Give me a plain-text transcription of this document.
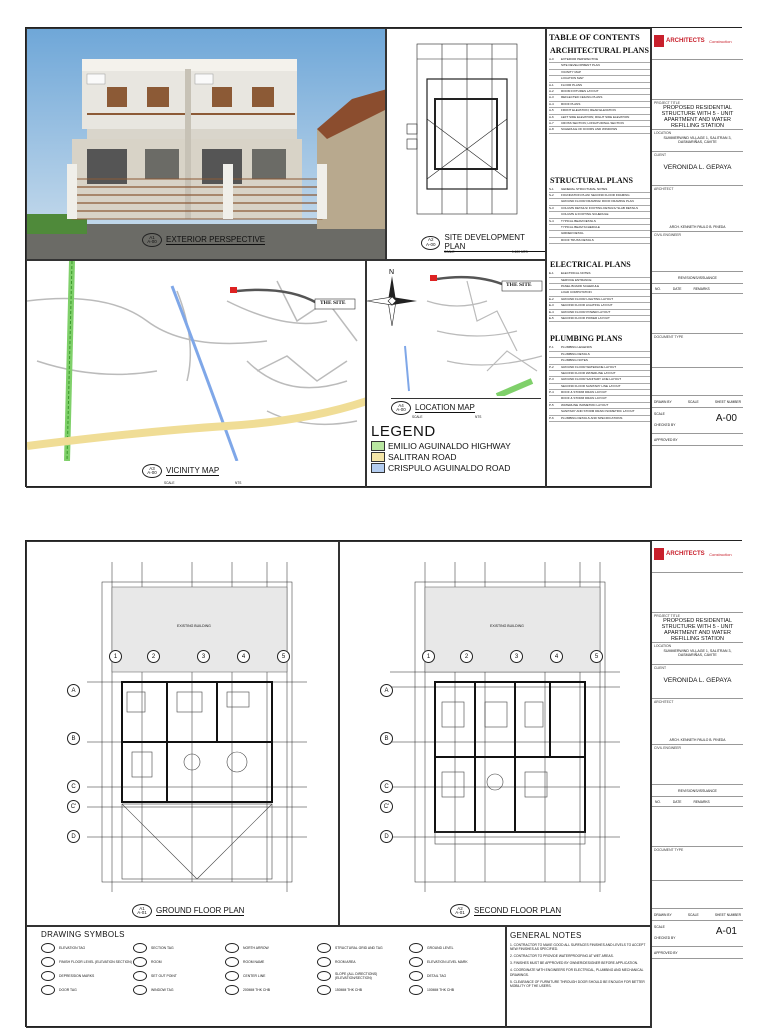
A1
A-00 EXTERIOR PERSPECTIVE	A2
A-00
SITE DEVELOPMENT PLAN
SCALE	1:100 MTS
TABLE OF CONTENTS
ARCHITECTURAL PLANS
A-0	EXTERIOR PERSPECTIVE
SITE DEVELOPMENT PLAN
VICINITY MAP
LOCATION MAP
A-1	FLOOR PLANS
A-2	ROOM FIXTURES LAYOUT
A-3	REFLECTED CEILING PLANS
A-4	ROOF PLANS
A-5	FRONT ELEVATION; REAR ELEVATION
A-6	LEFT SIDE ELEVATION; RIGHT SIDE ELEVATION
A-7	CROSS SECTION; LONGITUDINAL SECTION
A-8	SCHEDULE OF DOORS AND WINDOWS
STRUCTURAL PLANS
S-1	GENERAL STRUCTURAL NOTES
S-2	FOUNDATION PLAN/ SECOND FLOOR FRAMING
GROUND FLOOR FRAMING/ ROOF FRAMING PLAN
S-3	COLUMN DETAILS/ FOOTING DETAILS/ SLAB DETAILS
COLUMN & FOOTING SCHEDULE
S-4	TYPICAL BEAM DETAILS
TYPICAL BEAM SCHEDULE
GIRDER DETAIL
ROOF TRUSS DETAILS
ELECTRICAL PLANS
E-1	ELECTRICAL NOTES
SERVICE ENTRANCE
PANEL BOARD SCHEDULE
LOAD COMPUTATION
E-2	GROUND FLOOR LIGHTING LAYOUT
E-3	SECOND FLOOR LIGHTING LAYOUT
E-4	GROUND FLOOR POWER LAYOUT
E-5	SECOND FLOOR POWER LAYOUT
PLUMBING PLANS
P-1	PLUMBING LEGENDS
PLUMBING DETAILS
PLUMBING NOTES
P-2	GROUND FLOOR WATERLINE LAYOUT
SECOND FLOOR WATERLINE LAYOUT
P-3	GROUND FLOOR SANITARY LINE LAYOUT
SECOND FLOOR SANITARY LINE LAYOUT
P-4	ROOF & STORM DRAIN LAYOUT
ROOF & STORM DRAIN LAYOUT
P-5	WATERLINE ISOMETRIC LAYOUT
SANITARY AND STORM DRAIN ISOMETRIC LAYOUT
P-6	PLUMBING DETAILS AND SPECIFICATIONS
THE SITE
A3
A-00 VICINITY MAP
SCALE	NTS
N
THE SITE
A4
A-00 LOCATION MAP
SCALE	NTS
LEGEND
EMILIO AGUINALDO HIGHWAY
SALITRAN ROAD
CRISPULO AGUINALDO ROAD
ARCHITECTS
Construction
PROJECT TITLE
PROPOSED RESIDENTIAL STRUCTURE WITH 5 - UNIT APARTMENT AND WATER REFILLING STATION
LOCATION
SUMMERWIND VILLAGE 1, SALITRAN 3, DASMARIÑAS, CAVITE
CLIENT
VERONIDA L. GEPAYA
ARCHITECT
ARCH. KENNETH PAULO B. PINEDA
CIVIL ENGINEER
REVISIONS/ISSUANCE
NO.	DATE	REMARKS
DOCUMENT TYPE
DRAWN BY	SCALE	SHEET NUMBER
SCALE
CHECKED BY
A-00
APPROVED BY
EXISTING BUILDING
1	2	3	4	5
A
B
C
C'
D
A1
A-01 GROUND FLOOR PLAN
EXISTING BUILDING
1	2	3	4	5
A
B
C
C'
D
A2
A-01 SECOND FLOOR PLAN
DRAWING SYMBOLS
ELEVATION TAG	SECTION TAG	NORTH ARROW	STRUCTURAL GRID AND TAG	GROUND LEVEL
FINISH FLOOR LEVEL (ELEVATION SECTION)	ROOM	ROOM NAME	ROOM AREA	ELEVATION LEVEL MARK
DEPRESSION MARKS	SET OUT POINT	CENTER LINE	SLOPE (ALL DIRECTIONS) (ELEVATION/SECTION)	DETAIL TAG
DOOR TAG	WINDOW TAG	200MM THK CHB	150MM THK CHB	100MM THK CHB
GENERAL NOTES
1. CONTRACTOR TO MAKE GOOD ALL SURFACES FINISHES AND LEVELS TO ACCEPT NEW FINISHES AS SPECIFIED.
2. CONTRACTOR TO PROVIDE WATERPROOFING AT WET AREAS.
3. FINISHES MUST BE APPROVED BY OWNER/DESIGNER BEFORE APPLICATION.
4. COORDINATE WITH ENGINEERS FOR ELECTRICAL, PLUMBING AND MECHANICAL DRAWINGS.
5. CLEARANCE OF FURNITURE THROUGH DOOR SHOULD BE ENOUGH FOR BETTER MOBILITY OF THE USERS.
ARCHITECTS
Construction
PROJECT TITLE
PROPOSED RESIDENTIAL STRUCTURE WITH 5 - UNIT APARTMENT AND WATER REFILLING STATION
LOCATION
SUMMERWIND VILLAGE 1, SALITRAN 3, DASMARIÑAS, CAVITE
CLIENT
VERONIDA L. GEPAYA
ARCHITECT
ARCH. KENNETH PAULO B. PINEDA
CIVIL ENGINEER
REVISIONS/ISSUANCE
NO.	DATE	REMARKS
DOCUMENT TYPE
DRAWN BY	SCALE	SHEET NUMBER
SCALE
CHECKED BY
A-01
APPROVED BY
